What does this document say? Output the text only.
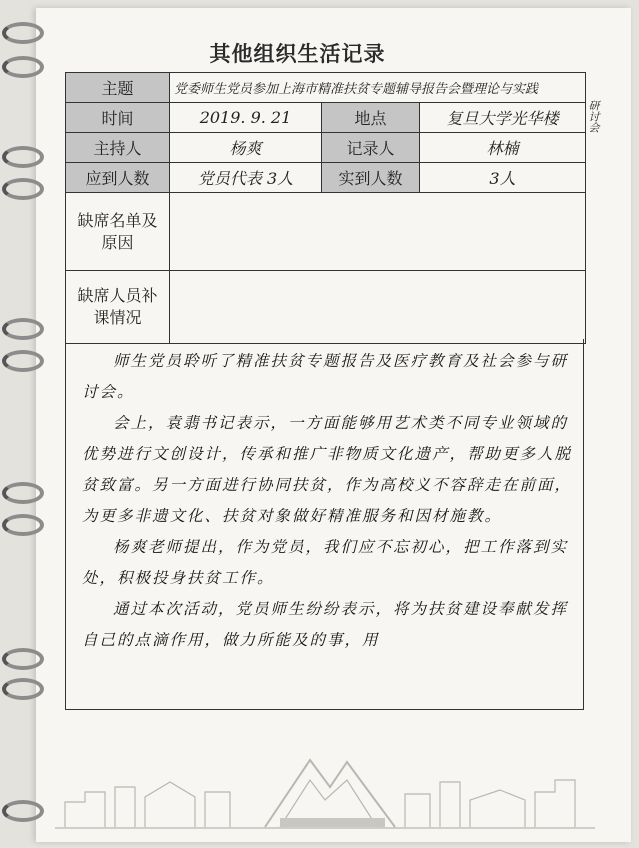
其他组织生活记录
主题	党委师生党员参加上海市精准扶贫专题辅导报告会暨理论与实践		
时间	2019. 9. 21	地点	复旦大学光华楼
主持人	杨爽	记录人	林楠
应到人数	党员代表 3人	实到人数	3人
缺席名单及原因			
缺席人员补课情况			
研讨会

师生党员聆听了精准扶贫专题报告及医疗教育及社会参与研讨会。

会上，袁翡书记表示，一方面能够用艺术类不同专业领域的优势进行文创设计，传承和推广非物质文化遗产，帮助更多人脱贫致富。另一方面进行协同扶贫，作为高校义不容辞走在前面，为更多非遗文化、扶贫对象做好精准服务和因材施教。

杨爽老师提出，作为党员，我们应不忘初心，把工作落到实处，积极投身扶贫工作。

通过本次活动，党员师生纷纷表示，将为扶贫建设奉献发挥自己的点滴作用，做力所能及的事，用
